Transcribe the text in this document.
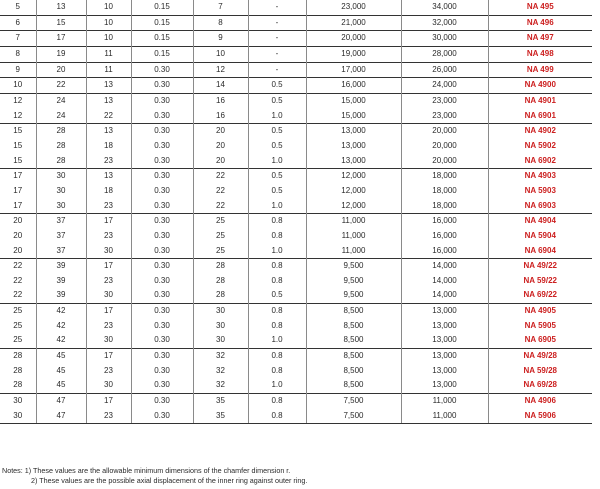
5	13	10	0.15	7	-	23,000	34,000	NA 495
6	15	10	0.15	8	-	21,000	32,000	NA 496
7	17	10	0.15	9	-	20,000	30,000	NA 497
8	19	11	0.15	10	-	19,000	28,000	NA 498
9	20	11	0.30	12	-	17,000	26,000	NA 499
10	22	13	0.30	14	0.5	16,000	24,000	NA 4900
12	24	13	0.30	16	0.5	15,000	23,000	NA 4901
12	24	22	0.30	16	1.0	15,000	23,000	NA 6901
15	28	13	0.30	20	0.5	13,000	20,000	NA 4902
15	28	18	0.30	20	0.5	13,000	20,000	NA 5902
15	28	23	0.30	20	1.0	13,000	20,000	NA 6902
17	30	13	0.30	22	0.5	12,000	18,000	NA 4903
17	30	18	0.30	22	0.5	12,000	18,000	NA 5903
17	30	23	0.30	22	1.0	12,000	18,000	NA 6903
20	37	17	0.30	25	0.8	11,000	16,000	NA 4904
20	37	23	0.30	25	0.8	11,000	16,000	NA 5904
20	37	30	0.30	25	1.0	11,000	16,000	NA 6904
22	39	17	0.30	28	0.8	9,500	14,000	NA 49/22
22	39	23	0.30	28	0.8	9,500	14,000	NA 59/22
22	39	30	0.30	28	0.5	9,500	14,000	NA 69/22
25	42	17	0.30	30	0.8	8,500	13,000	NA 4905
25	42	23	0.30	30	0.8	8,500	13,000	NA 5905
25	42	30	0.30	30	1.0	8,500	13,000	NA 6905
28	45	17	0.30	32	0.8	8,500	13,000	NA 49/28
28	45	23	0.30	32	0.8	8,500	13,000	NA 59/28
28	45	30	0.30	32	1.0	8,500	13,000	NA 69/28
30	47	17	0.30	35	0.8	7,500	11,000	NA 4906
30	47	23	0.30	35	0.8	7,500	11,000	NA 5906
Notes: 1) These values are the allowable minimum dimensions of the chamfer dimension r.
2) These values are the possible axial displacement of the inner ring against outer ring.
